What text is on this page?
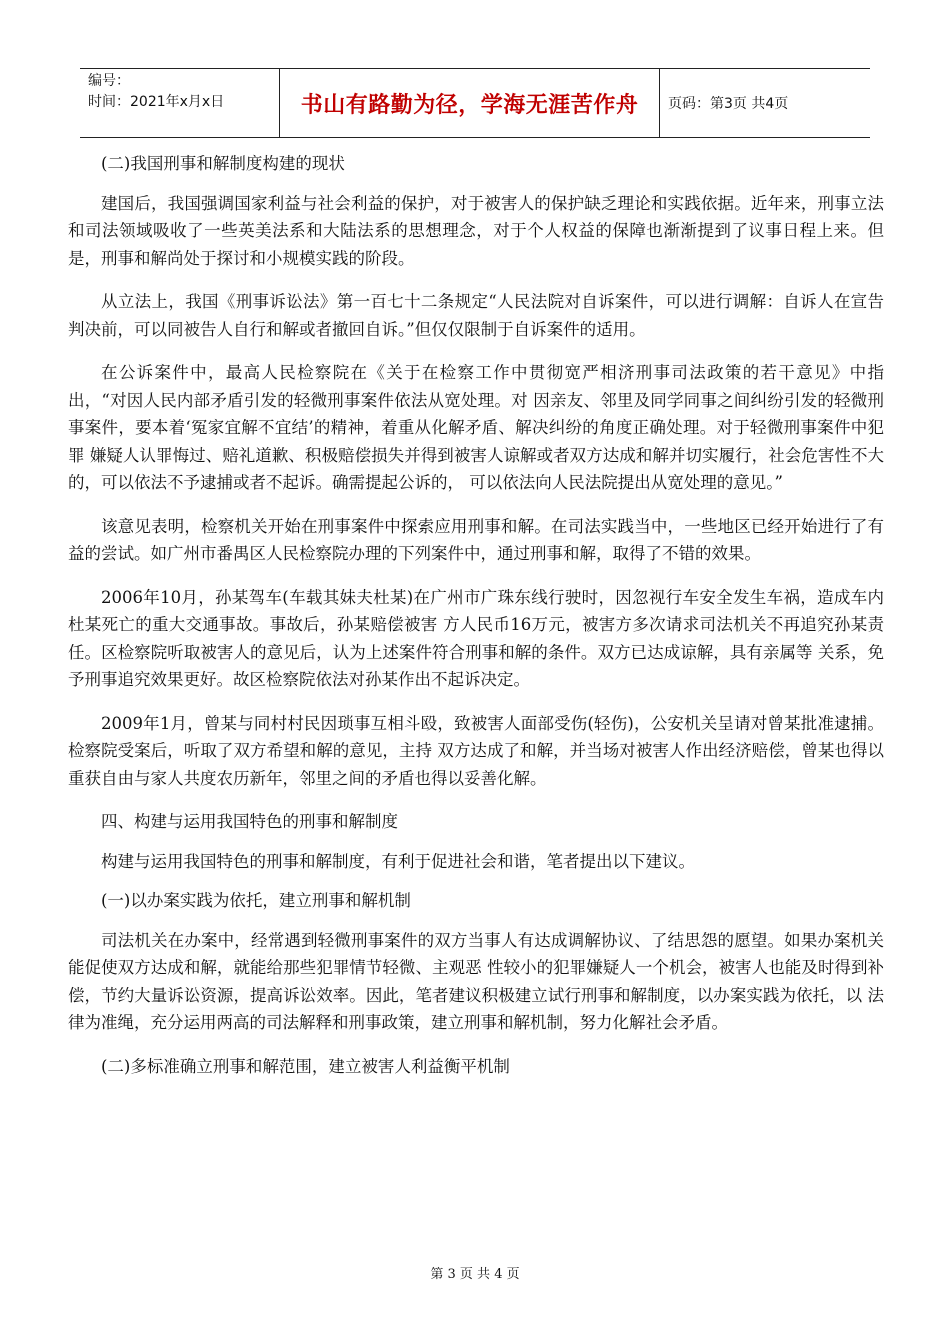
编号：
时间：2021年x月x日	书山有路勤为径，学海无涯苦作舟	页码：第3页 共4页

(二)我国刑事和解制度构建的现状

建国后，我国强调国家利益与社会利益的保护，对于被害人的保护缺乏理论和实践依据。近年来，刑事立法和司法领域吸收了一些英美法系和大陆法系的思想理念，对于个人权益的保障也渐渐提到了议事日程上来。但是，刑事和解尚处于探讨和小规模实践的阶段。

从立法上，我国《刑事诉讼法》第一百七十二条规定“人民法院对自诉案件，可以进行调解：自诉人在宣告判决前，可以同被告人自行和解或者撤回自诉。”但仅仅限制于自诉案件的适用。

在公诉案件中，最高人民检察院在《关于在检察工作中贯彻宽严相济刑事司法政策的若干意见》中指出，“对因人民内部矛盾引发的轻微刑事案件依法从宽处理。对 因亲友、邻里及同学同事之间纠纷引发的轻微刑事案件，要本着‘冤家宜解不宜结’的精神，着重从化解矛盾、解决纠纷的角度正确处理。对于轻微刑事案件中犯罪 嫌疑人认罪悔过、赔礼道歉、积极赔偿损失并得到被害人谅解或者双方达成和解并切实履行，社会危害性不大的，可以依法不予逮捕或者不起诉。确需提起公诉的， 可以依法向人民法院提出从宽处理的意见。”

该意见表明，检察机关开始在刑事案件中探索应用刑事和解。在司法实践当中，一些地区已经开始进行了有益的尝试。如广州市番禺区人民检察院办理的下列案件中，通过刑事和解，取得了不错的效果。

2006年10月，孙某驾车(车载其妹夫杜某)在广州市广珠东线行驶时，因忽视行车安全发生车祸，造成车内杜某死亡的重大交通事故。事故后，孙某赔偿被害 方人民币16万元，被害方多次请求司法机关不再追究孙某责任。区检察院听取被害人的意见后，认为上述案件符合刑事和解的条件。双方已达成谅解，具有亲属等 关系，免予刑事追究效果更好。故区检察院依法对孙某作出不起诉决定。

2009年1月，曾某与同村村民因琐事互相斗殴，致被害人面部受伤(轻伤)，公安机关呈请对曾某批准逮捕。检察院受案后，听取了双方希望和解的意见，主持 双方达成了和解，并当场对被害人作出经济赔偿，曾某也得以重获自由与家人共度农历新年，邻里之间的矛盾也得以妥善化解。

四、构建与运用我国特色的刑事和解制度

构建与运用我国特色的刑事和解制度，有利于促进社会和谐，笔者提出以下建议。

(一)以办案实践为依托，建立刑事和解机制

司法机关在办案中，经常遇到轻微刑事案件的双方当事人有达成调解协议、了结思怨的愿望。如果办案机关能促使双方达成和解，就能给那些犯罪情节轻微、主观恶 性较小的犯罪嫌疑人一个机会，被害人也能及时得到补偿，节约大量诉讼资源，提高诉讼效率。因此，笔者建议积极建立试行刑事和解制度，以办案实践为依托，以 法律为准绳，充分运用两高的司法解释和刑事政策，建立刑事和解机制，努力化解社会矛盾。

(二)多标准确立刑事和解范围，建立被害人利益衡平机制

第 3 页 共 4 页
